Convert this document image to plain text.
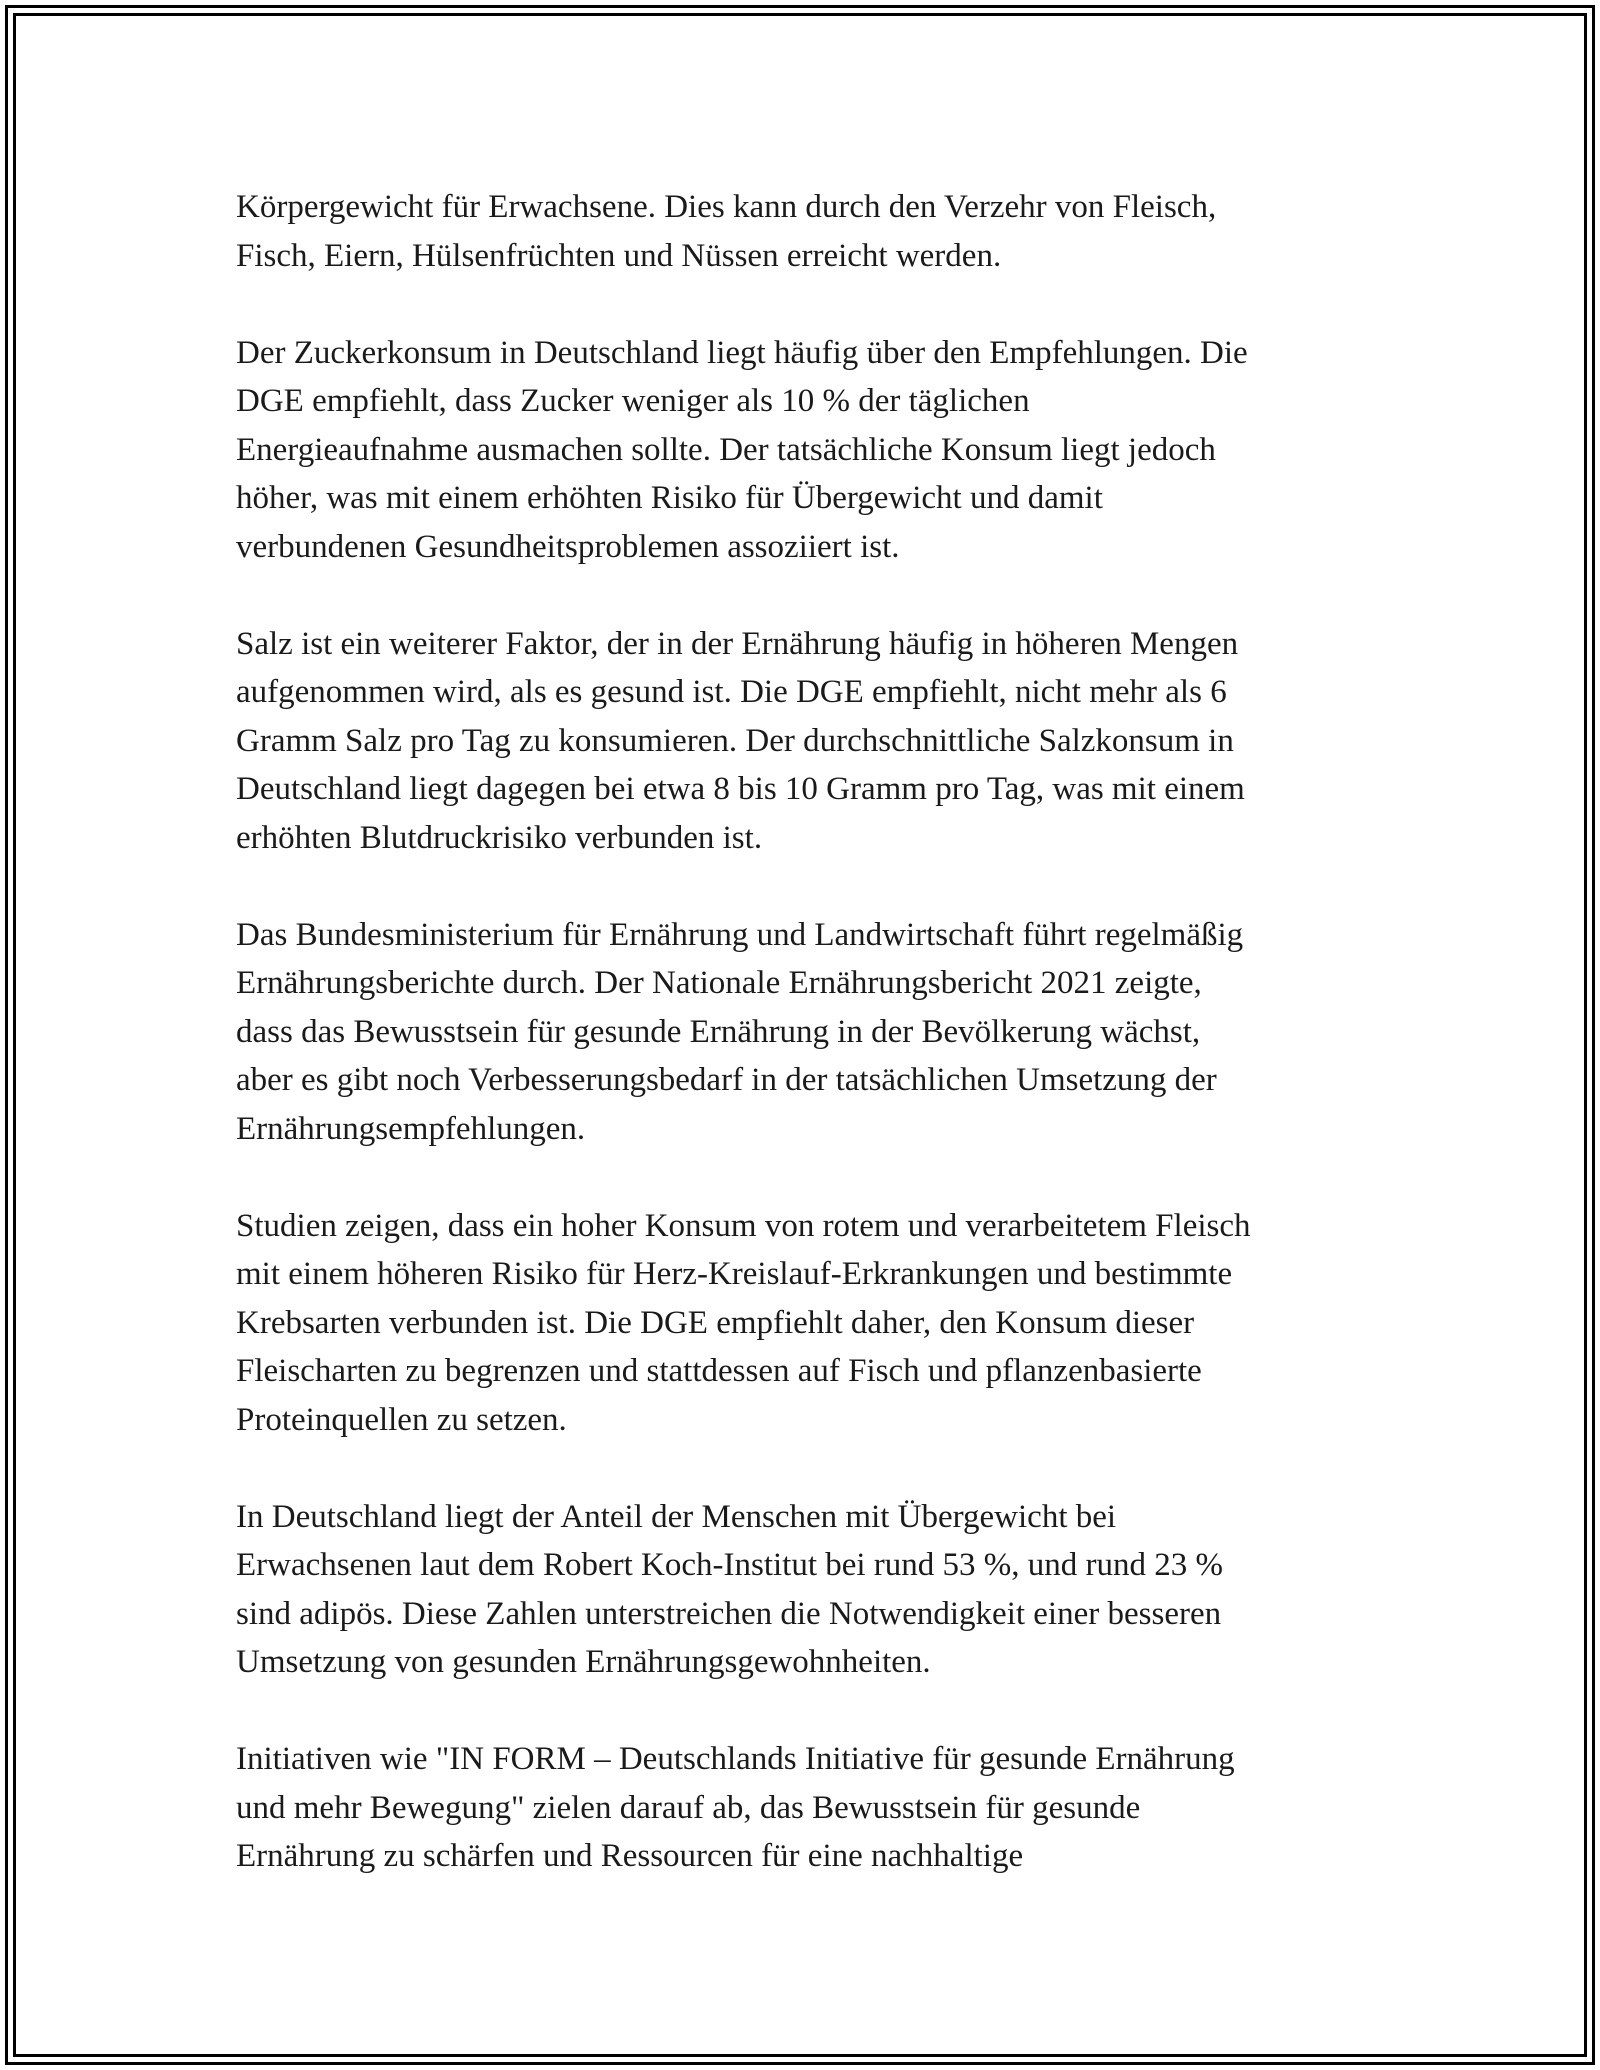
Körpergewicht für Erwachsene. Dies kann durch den Verzehr von Fleisch,
Fisch, Eiern, Hülsenfrüchten und Nüssen erreicht werden.

Der Zuckerkonsum in Deutschland liegt häufig über den Empfehlungen. Die
DGE empfiehlt, dass Zucker weniger als 10 % der täglichen
Energieaufnahme ausmachen sollte. Der tatsächliche Konsum liegt jedoch
höher, was mit einem erhöhten Risiko für Übergewicht und damit
verbundenen Gesundheitsproblemen assoziiert ist.

Salz ist ein weiterer Faktor, der in der Ernährung häufig in höheren Mengen
aufgenommen wird, als es gesund ist. Die DGE empfiehlt, nicht mehr als 6
Gramm Salz pro Tag zu konsumieren. Der durchschnittliche Salzkonsum in
Deutschland liegt dagegen bei etwa 8 bis 10 Gramm pro Tag, was mit einem
erhöhten Blutdruckrisiko verbunden ist.

Das Bundesministerium für Ernährung und Landwirtschaft führt regelmäßig
Ernährungsberichte durch. Der Nationale Ernährungsbericht 2021 zeigte,
dass das Bewusstsein für gesunde Ernährung in der Bevölkerung wächst,
aber es gibt noch Verbesserungsbedarf in der tatsächlichen Umsetzung der
Ernährungsempfehlungen.

Studien zeigen, dass ein hoher Konsum von rotem und verarbeitetem Fleisch
mit einem höheren Risiko für Herz-Kreislauf-Erkrankungen und bestimmte
Krebsarten verbunden ist. Die DGE empfiehlt daher, den Konsum dieser
Fleischarten zu begrenzen und stattdessen auf Fisch und pflanzenbasierte
Proteinquellen zu setzen.

In Deutschland liegt der Anteil der Menschen mit Übergewicht bei
Erwachsenen laut dem Robert Koch-Institut bei rund 53 %, und rund 23 %
sind adipös. Diese Zahlen unterstreichen die Notwendigkeit einer besseren
Umsetzung von gesunden Ernährungsgewohnheiten.

Initiativen wie "IN FORM – Deutschlands Initiative für gesunde Ernährung
und mehr Bewegung" zielen darauf ab, das Bewusstsein für gesunde
Ernährung zu schärfen und Ressourcen für eine nachhaltige
